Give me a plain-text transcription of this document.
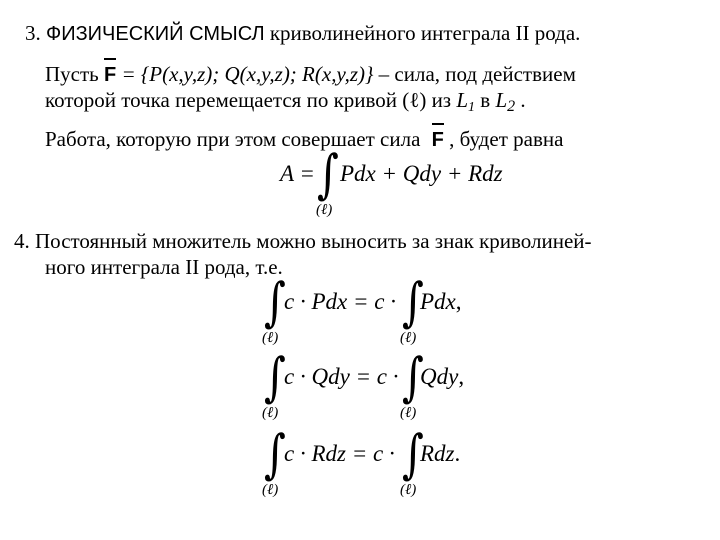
3. ФИЗИЧЕСКИЙ СМЫСЛ криволинейного интеграла II рода.
Пусть F = {P(x,y,z); Q(x,y,z); R(x,y,z)} – сила, под действием
которой точка перемещается по кривой (ℓ) из $L_1$ в L2 .
Работа, которую при этом совершает сила F , будет равна
A = ∫
(ℓ)
Pdx + Qdy + Rdz
4. Постоянный множитель можно выносить за знак криволиней-
ного интеграла II рода, т.е.
∫
(ℓ)
c · Pdx = c · ∫
(ℓ)
Pdx,
∫
(ℓ)
c · Qdy = c · ∫
(ℓ)
Qdy,
∫
(ℓ)
c · Rdz = c · ∫
(ℓ)
Rdz.
